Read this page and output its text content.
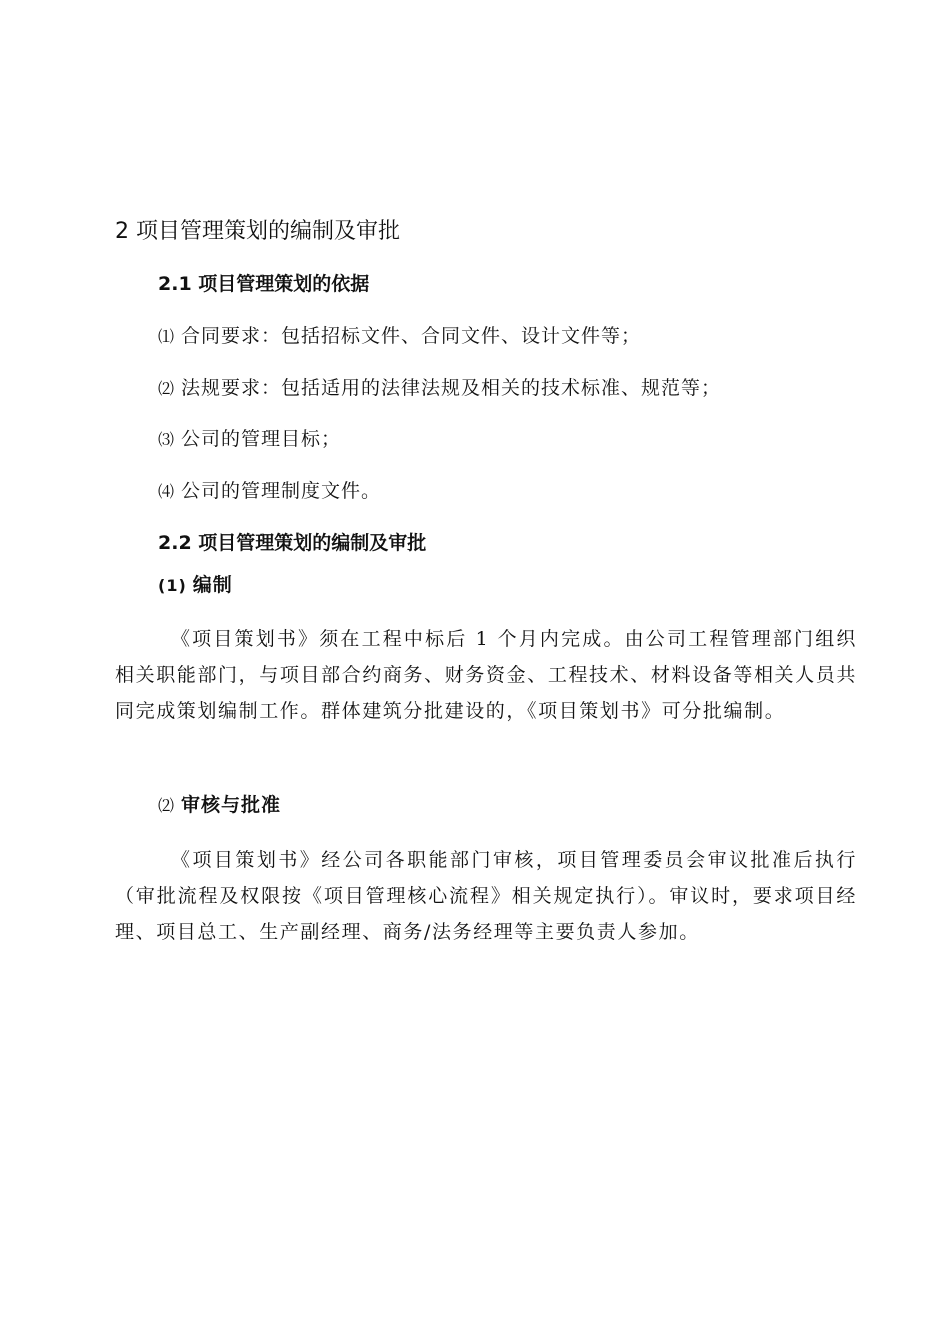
2 项目管理策划的编制及审批
2.1 项目管理策划的依据
⑴ 合同要求：包括招标文件、合同文件、设计文件等；
⑵ 法规要求：包括适用的法律法规及相关的技术标准、规范等；
⑶ 公司的管理目标；
⑷ 公司的管理制度文件。
2.2 项目管理策划的编制及审批
(1) 编制

《项目策划书》须在工程中标后 1 个月内完成。由公司工程管理部门组织相关职能部门，与项目部合约商务、财务资金、工程技术、材料设备等相关人员共同完成策划编制工作。群体建筑分批建设的，《项目策划书》可分批编制。

⑵ 审核与批准

《项目策划书》经公司各职能部门审核，项目管理委员会审议批准后执行（审批流程及权限按《项目管理核心流程》相关规定执行）。审议时，要求项目经理、项目总工、生产副经理、商务/法务经理等主要负责人参加。
